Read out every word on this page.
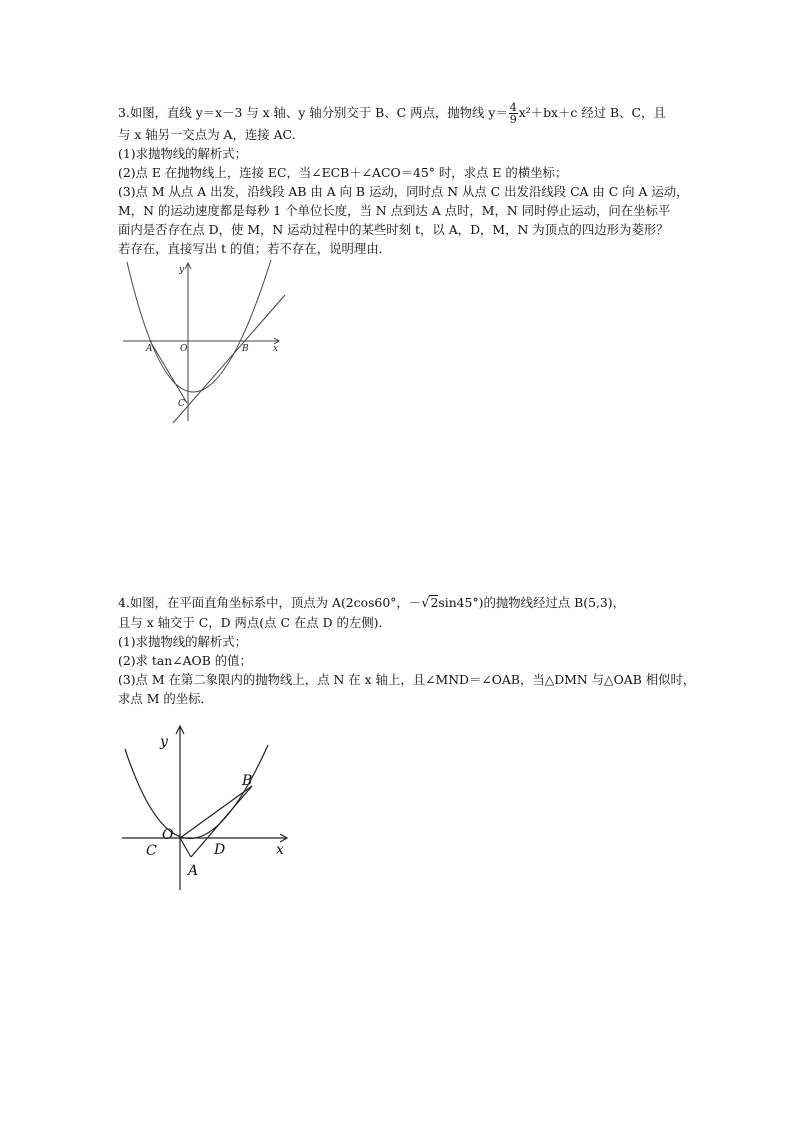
3.如图，直线 y＝x－3 与 x 轴、y 轴分别交于 B、C 两点，抛物线 $y= \frac{4}{9} x^2+bx+c$ 经过 B、C，且
与 x 轴另一交点为 A，连接 AC．
(1)求抛物线的解析式；
(2)点 E 在抛物线上，连接 EC，当∠ECB＋∠ACO＝45° 时，求点 E 的横坐标；
(3)点 M 从点 A 出发，沿线段 AB 由 A 向 B 运动，同时点 N 从点 C 出发沿线段 CA 由 C 向 A 运动，
M，N 的运动速度都是每秒 1 个单位长度，当 N 点到达 A 点时，M，N 同时停止运动，问在坐标平
面内是否存在点 D，使 M，N 运动过程中的某些时刻 t，以 A，D，M，N 为顶点的四边形为菱形？
若存在，直接写出 t 的值；若不存在，说明理由．
y
x
O
A	B
C
4.如图，在平面直角坐标系中，顶点为 A(2cos60°，－√2sin45°)的抛物线经过点 B(5,3)，
且与 x 轴交于 C，D 两点(点 C 在点 D 的左侧)．
(1)求抛物线的解析式；
(2)求 tan∠AOB 的值；
(3)点 M 在第二象限内的抛物线上，点 N 在 x 轴上，且∠MND＝∠OAB，当△DMN 与△OAB 相似时，
求点 M 的坐标．
y
x
O
C	D
A
B
